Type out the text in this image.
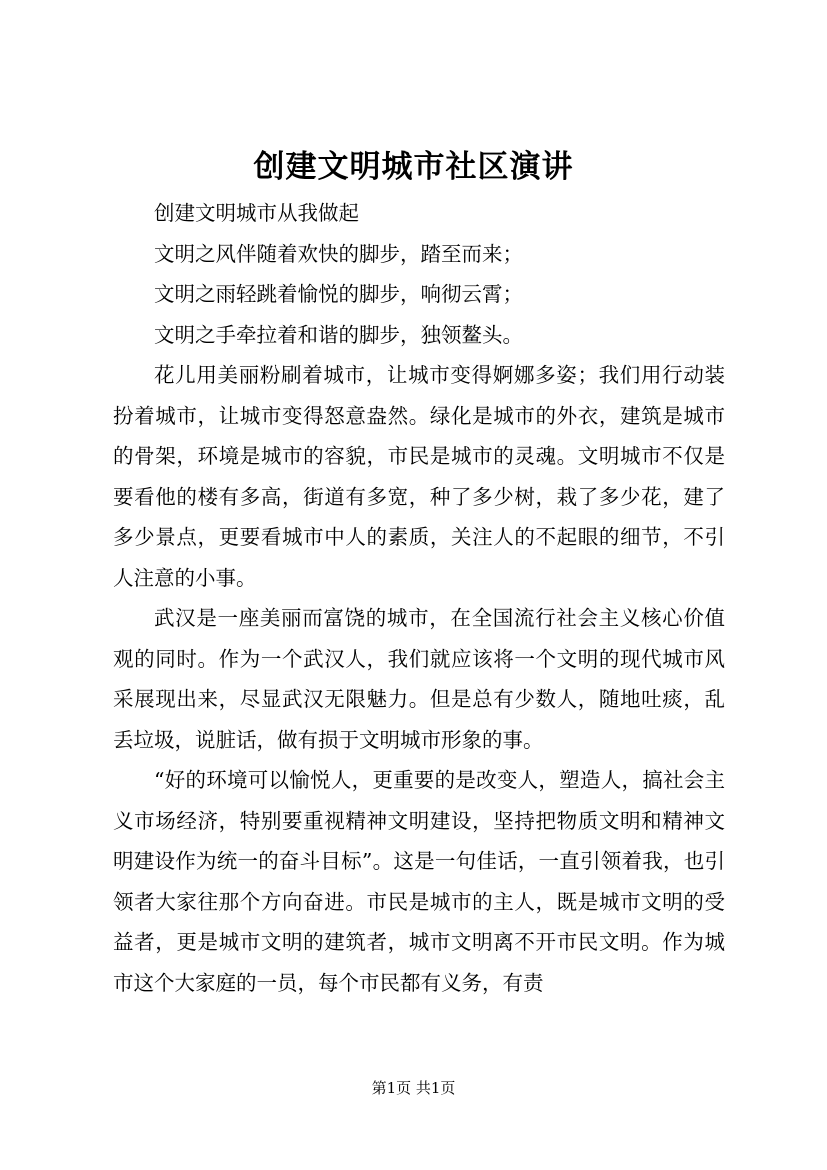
创建文明城市社区演讲

创建文明城市从我做起

文明之风伴随着欢快的脚步，踏至而来；

文明之雨轻跳着愉悦的脚步，响彻云霄；

文明之手牵拉着和谐的脚步，独领鳌头。

花儿用美丽粉刷着城市，让城市变得婀娜多姿；我们用行动装扮着城市，让城市变得怒意盎然。绿化是城市的外衣，建筑是城市的骨架，环境是城市的容貌，市民是城市的灵魂。文明城市不仅是要看他的楼有多高，街道有多宽，种了多少树，栽了多少花，建了多少景点，更要看城市中人的素质，关注人的不起眼的细节，不引人注意的小事。

武汉是一座美丽而富饶的城市，在全国流行社会主义核心价值观的同时。作为一个武汉人，我们就应该将一个文明的现代城市风采展现出来，尽显武汉无限魅力。但是总有少数人，随地吐痰，乱丢垃圾，说脏话，做有损于文明城市形象的事。

“好的环境可以愉悦人，更重要的是改变人，塑造人，搞社会主义市场经济，特别要重视精神文明建设，坚持把物质文明和精神文明建设作为统一的奋斗目标”。这是一句佳话，一直引领着我，也引领者大家往那个方向奋进。市民是城市的主人，既是城市文明的受益者，更是城市文明的建筑者，城市文明离不开市民文明。作为城市这个大家庭的一员，每个市民都有义务，有责

第1页 共1页
